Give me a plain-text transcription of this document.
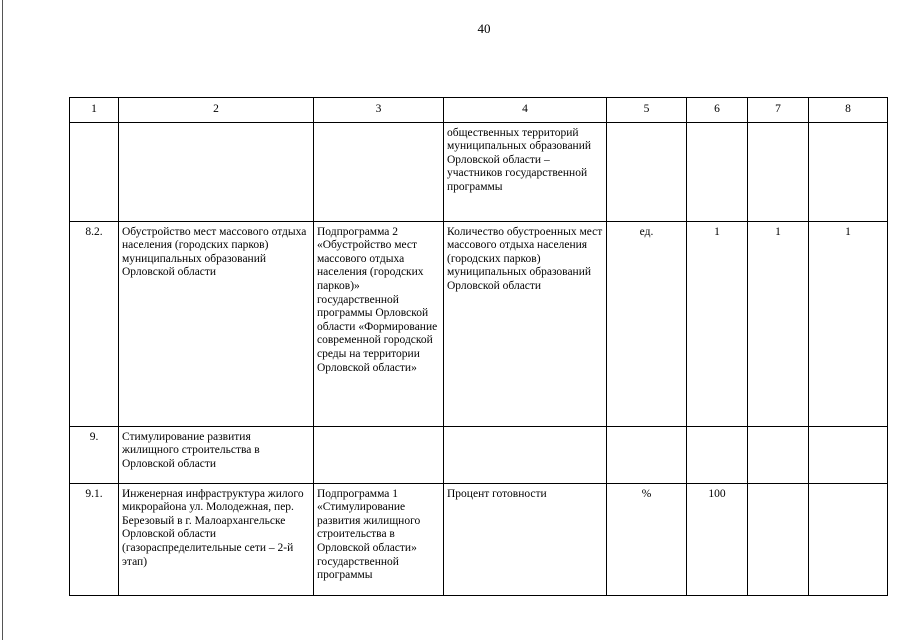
40
1	2	3	4	5	6	7	8
			общественных территорий муниципальных образований Орловской области – участников государственной программы				
8.2.	Обустройство мест массового отдыха населения (городских парков) муниципальных образований Орловской области	Подпрограмма 2 «Обустройство мест массового отдыха населения (городских парков)» государственной программы Орловской области «Формирование современной городской среды на территории Орловской области»	Количество обустроенных мест массового отдыха населения (городских парков) муниципальных образований Орловской области	ед.	1	1	1
9.	Стимулирование развития жилищного строительства в Орловской области						
9.1.	Инженерная инфраструктура жилого микрорайона ул. Молодежная, пер. Березовый в г. Малоархангельске Орловской области (газораспределительные сети – 2-й этап)	Подпрограмма 1 «Стимулирование развития жилищного строительства в Орловской области» государственной программы	Процент готовности	%	100		
